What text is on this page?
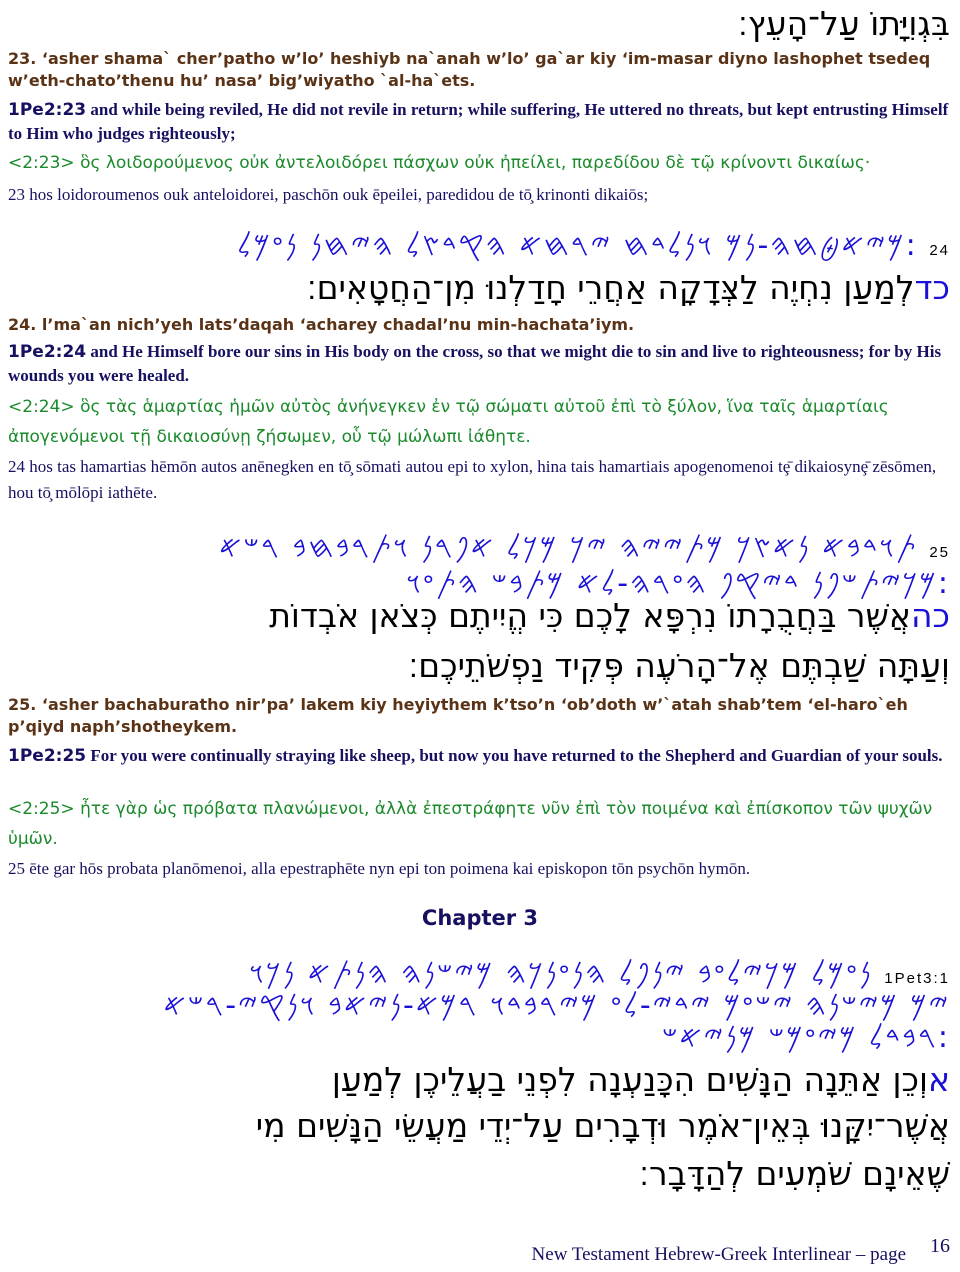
בִּגְוִיָּתוֹ עַל־הָעֵץ׃
23. ‘asher shama` cher’patho w’lo’ heshiyb na`anah w’lo’ ga`ar kiy ‘im-masar diyno lashophet tsedeq w’eth-chato’thenu hu’ nasa’ big’wiyatho `al-ha`ets.
1Pe2:23 and while being reviled, He did not revile in return; while suffering, He uttered no threats, but kept entrusting Himself to Him who judges righteously;
<2:23> ὃς λοιδορούμενος οὐκ ἀντελοιδόρει πάσχων οὐκ ἠπείλει, παρεδίδου δὲ τῷ κρίνοντι δικαίως·
23 hos loidoroumenos ouk anteloidorei, paschōn ouk ēpeilei, paredidou de tō̧ krinonti dikaiōs;
24 :𐤌𐤉𐤀𐤈𐤇𐤄-𐤍𐤌 𐤅𐤍𐤋𐤃𐤇 𐤉𐤓𐤇𐤀 𐤄𐤒𐤃𐤑𐤋 𐤄𐤉𐤇𐤍 𐤍𐤏𐤌𐤋
כדלְמַעַן נִחְיֶה לַצְּדָקָה אַחֲרֵי חָדַלְנוּ מִן־הַחֲטָאִים׃
24. l’ma`an nich’yeh lats’daqah ‘acharey chadal’nu min-hachata’iym.
1Pe2:24 and He Himself bore our sins in His body on the cross, so that we might die to sin and live to righteousness; for by His wounds you were healed.
<2:24> ὃς τὰς ἁμαρτίας ἡμῶν αὐτὸς ἀνήνεγκεν ἐν τῷ σώματι αὐτοῦ ἐπὶ τὸ ξύλον, ἵνα ταῖς ἁμαρτίαις ἀπογενόμενοι τῇ δικαιοσύνῃ ζήσωμεν, οὗ τῷ μώλωπι ἰάθητε.
24 hos tas hamartias hēmōn autos anēnegken en tō̧ sōmati autou epi to xylon, hina tais hamartiais apogenomenoi tȩ̄ dikaiosynȩ̄ zēsōmen, hou tō̧ mōlōpi iathēte.
25 𐤕𐤅𐤃𐤁𐤀 𐤍𐤀𐤑𐤊 𐤌𐤕𐤉𐤉𐤄 𐤉𐤊 𐤌𐤊𐤋 𐤀𐤐𐤓𐤍 𐤅𐤕𐤓𐤁𐤇𐤁 𐤓𐤔𐤀
:𐤌𐤊𐤉𐤕𐤔𐤐𐤍 𐤃𐤉𐤒𐤐 𐤄𐤏𐤓𐤄-𐤋𐤀 𐤌𐤕𐤁𐤔 𐤄𐤕𐤏𐤅
כהאֲשֶׁר בַּחֲבֻרָתוֹ נִרְפָּא לָכֶם כִּי הֱיִיתֶם כְּצֹאן אֹבְדוֹת
וְעַתָּה שַׁבְתֶּם אֶל־הָרֹעֶה פְּקִיד נַפְשֹׁתֵיכֶם׃
25. ‘asher bachaburatho nir’pa’ lakem kiy heyiythem k’tso’n ‘ob’doth w’`atah shab’tem ‘el-haro`eh p’qiyd naph’shotheykem.
1Pe2:25 For you were continually straying like sheep, but now you have returned to the Shepherd and Guardian of your souls.
<2:25> ἦτε γὰρ ὡς πρόβατα πλανώμενοι, ἀλλὰ ἐπεστράφητε νῦν ἐπὶ τὸν ποιμένα καὶ ἐπίσκοπον τῶν ψυχῶν ὑμῶν.
25 ēte gar hōs probata planōmenoi, alla epestraphēte nyn epi ton poimena kai episkopon tōn psychōn hymōn.
Chapter 3
1Pet3:1 𐤍𐤏𐤌𐤋 𐤌𐤊𐤉𐤋𐤏𐤁 𐤉𐤍𐤐𐤋 𐤄𐤍𐤏𐤍𐤊𐤄 𐤌𐤉𐤔𐤍𐤄 𐤄𐤍𐤕𐤀 𐤍𐤊𐤅
𐤉𐤌 𐤌𐤉𐤔𐤍𐤄 𐤉𐤔𐤏𐤌 𐤉𐤃𐤉-𐤋𐤏 𐤌𐤉𐤓𐤁𐤃𐤅 𐤓𐤌𐤀-𐤍𐤉𐤀𐤁 𐤅𐤍𐤒𐤉-𐤓𐤔𐤀
:𐤓𐤁𐤃𐤋 𐤌𐤉𐤏𐤌𐤔 𐤌𐤍𐤉𐤀𐤔
אוְכֵן אַתֵּנָה הַנָּשִׁים הִכָּנַעְנָה לִפְנֵי בַעֲלֵיכֶן לְמַעַן
אֲשֶׁר־יִקָּנוּ בְּאֵין־אֹמֶר וּדְבָרִים עַל־יְדֵי מַעֲשֵׂי הַנָּשִׁים מִי
שֶׁאֵינָם שֹׁמְעִים לְהַדָּבָר׃
New Testament Hebrew-Greek Interlinear – page 16
